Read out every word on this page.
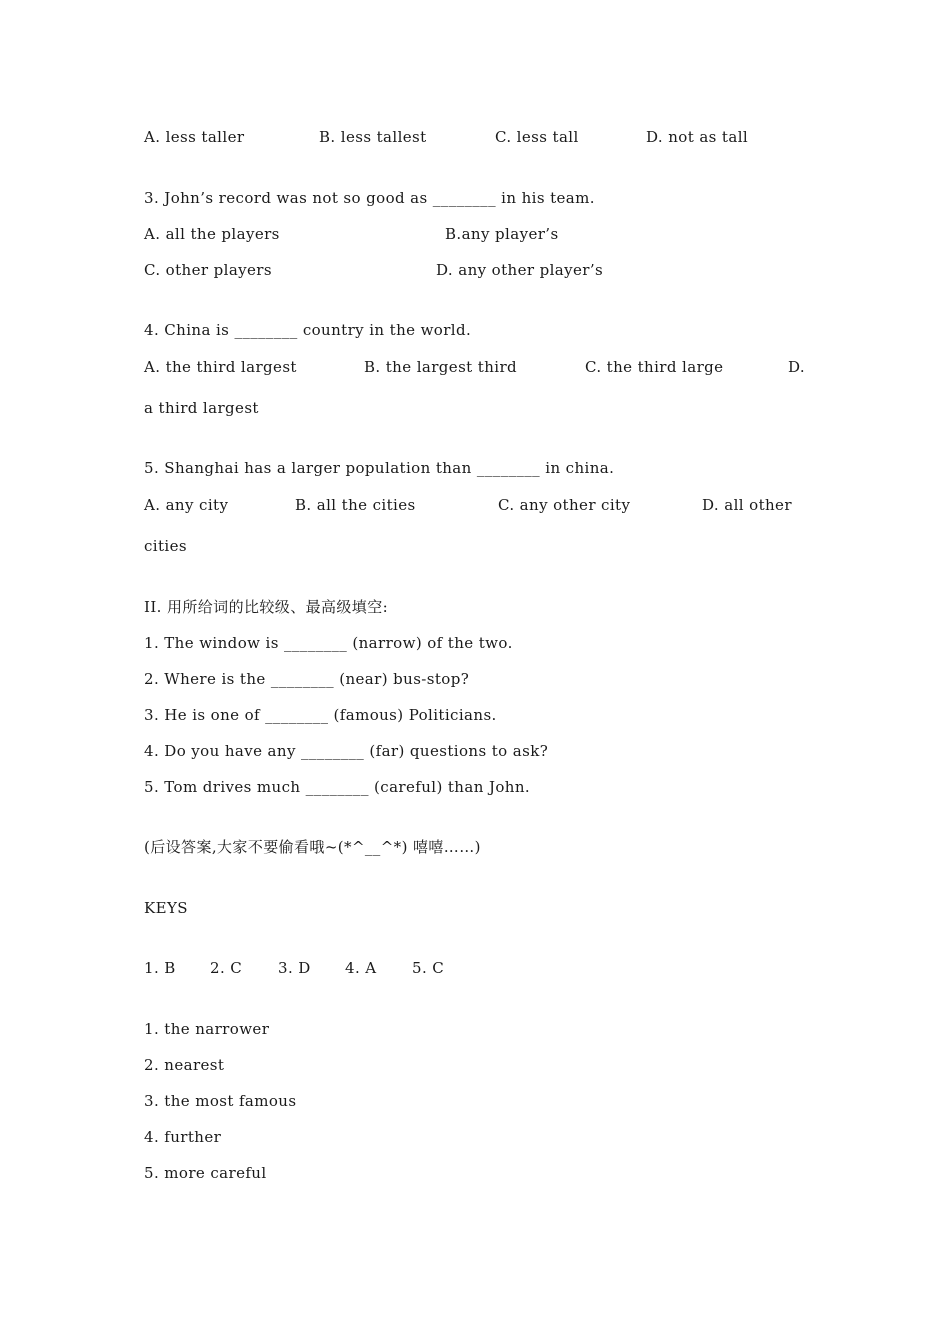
A. less taller	B. less tallest	C. less tall	D. not as tall
3. John’s record was not so good as ________ in his team.
A. all the players	B.any player’s
C. other players	D. any other player’s
4. China is ________ country in the world.
A. the third largest	B. the largest third	C. the third large	D.
a third largest
5. Shanghai has a larger population than ________ in china.
A. any city	B. all the cities	C. any other city	D. all other
cities
II. 用所给词的比较级、最高级填空:
1. The window is ________ (narrow) of the two.
2. Where is the ________ (near) bus-stop?
3. He is one of ________ (famous) Politicians.
4. Do you have any ________ (far) questions to ask?
5. Tom drives much ________ (careful) than John.
(后设答案,大家不要偷看哦~(*^__^*) 嘻嘻……)
KEYS
1. B 2. C 3. D 4. A 5. C
1. the narrower
2. nearest
3. the most famous
4. further
5. more careful
